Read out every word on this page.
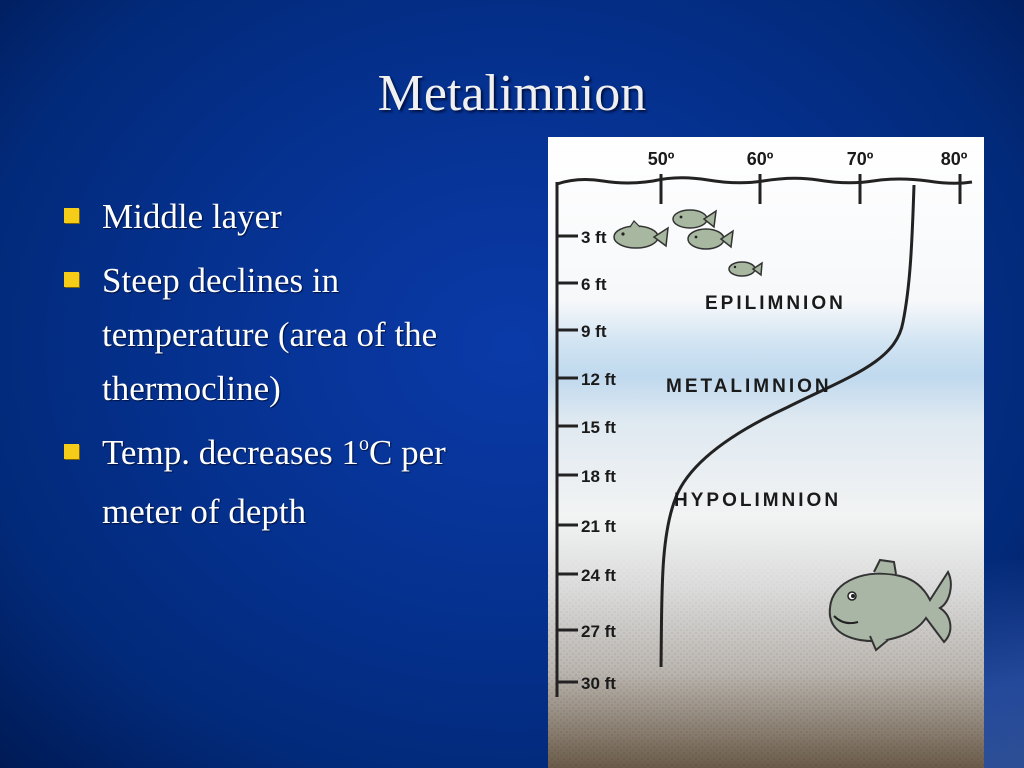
Metalimnion
Middle layer
Steep declines in temperature (area of the thermocline)
Temp. decreases 1$^o$C per meter of depth
50º	60º	70º	80º
3 ft
6 ft
9 ft
12 ft
15 ft
18 ft
21 ft
24 ft
27 ft
30 ft
EPILIMNION
METALIMNION
HYPOLIMNION
